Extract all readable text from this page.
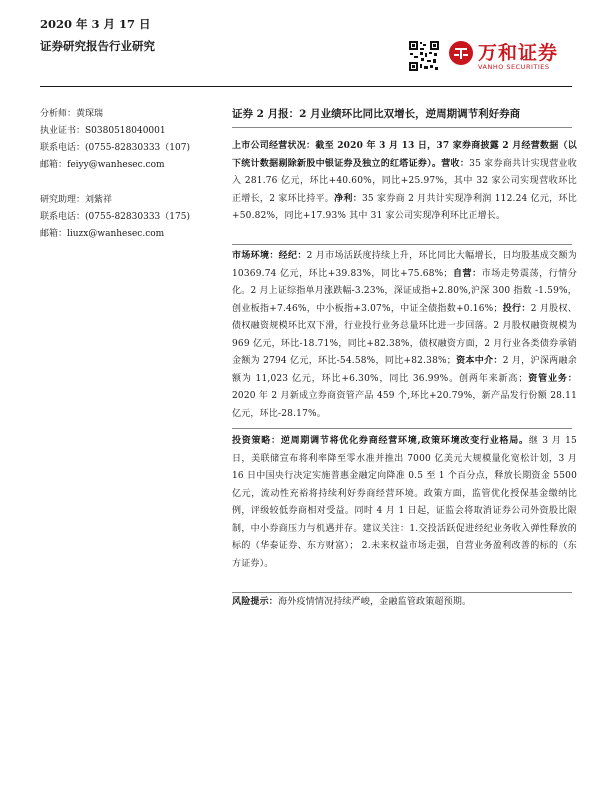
2020 年 3 月 17 日
证券研究报告行业研究	万和证券
VANHO SECURITIES
分析师：黄琛瑞
执业证书：S0380518040001
联系电话：(0755-82830333（107)
邮箱：feiyy@wanhesec.com
研究助理：刘紫祥
联系电话：(0755-82830333（175)
邮箱：liuzx@wanhesec.com
证券 2 月报：2 月业绩环比同比双增长，逆周期调节利好券商
上市公司经营状况：截至 2020 年 3 月 13 日，37 家券商披露 2 月经营数据（以下统计数据剔除新股中银证券及独立的红塔证券）。营收：35 家券商共计实现营业收入 281.76 亿元，环比+40.60%，同比+25.97%，其中 32 家公司实现营收环比正增长，2 家环比持平。净利：35 家券商 2 月共计实现净利润 112.24 亿元，环比+50.82%，同比+17.93% 其中 31 家公司实现净利环比正增长。
市场环境：经纪：2 月市场活跃度持续上升，环比同比大幅增长，日均股基成交额为 10369.74 亿元，环比+39.83%，同比+75.68%；自营：市场走势震荡，行情分化。2 月上证综指单月涨跌幅-3.23%，深证成指+2.80%,沪深 300 指数 -1.59%，创业板指+7.46%，中小板指+3.07%，中证全债指数+0.16%；投行：2 月股权、债权融资规模环比双下滑，行业投行业务总量环比进一步回落。2 月股权融资规模为 969 亿元，环比-18.71%，同比+82.38%，债权融资方面，2 月行业各类债券承销金额为 2794 亿元，环比-54.58%，同比+82.38%；资本中介：2 月，沪深两融余额为 11,023 亿元，环比+6.30%，同比 36.99%。创两年来新高；资管业务：2020 年 2 月新成立券商资管产品 459 个,环比+20.79%，新产品发行份额 28.11 亿元，环比-28.17%。
投资策略：逆周期调节将优化券商经营环境,政策环境改变行业格局。继 3 月 15 日，美联储宣布将利率降至零水准并推出 7000 亿美元大规模量化宽松计划，3 月 16 日中国央行决定实施普惠金融定向降准 0.5 至 1 个百分点，释放长期资金 5500 亿元，流动性充裕将持续利好券商经营环境。政策方面，监管优化授保基金缴纳比例，评级较低券商相对受益。同时 4 月 1 日起，证监会将取消证券公司外资股比限制，中小券商压力与机遇并存。建议关注：1.交投活跃促进经纪业务收入弹性释放的标的（华泰证券、东方财富）； 2.未来权益市场走强，自营业务盈利改善的标的（东方证券）。
风险提示：海外疫情情况持续严峻，金融监管政策超预期。
